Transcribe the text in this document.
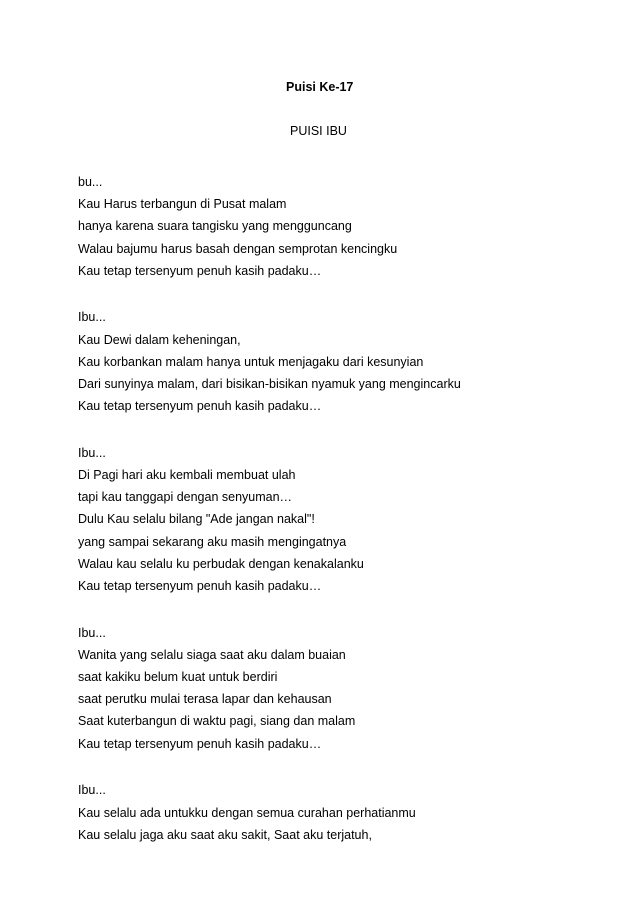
Puisi Ke-17
PUISI IBU
bu...
Kau Harus terbangun di Pusat malam
hanya karena suara tangisku yang mengguncang
Walau bajumu harus basah dengan semprotan kencingku
Kau tetap tersenyum penuh kasih padaku…
Ibu...
Kau Dewi dalam keheningan,
Kau korbankan malam hanya untuk menjagaku dari kesunyian
Dari sunyinya malam, dari bisikan-bisikan nyamuk yang mengincarku
Kau tetap tersenyum penuh kasih padaku…
Ibu...
Di Pagi hari aku kembali membuat ulah
tapi kau tanggapi dengan senyuman…
Dulu Kau selalu bilang "Ade jangan nakal"!
yang sampai sekarang aku masih mengingatnya
Walau kau selalu ku perbudak dengan kenakalanku
Kau tetap tersenyum penuh kasih padaku…
Ibu...
Wanita yang selalu siaga saat aku dalam buaian
saat kakiku belum kuat untuk berdiri
saat perutku mulai terasa lapar dan kehausan
Saat kuterbangun di waktu pagi, siang dan malam
Kau tetap tersenyum penuh kasih padaku…
Ibu...
Kau selalu ada untukku dengan semua curahan perhatianmu
Kau selalu jaga aku saat aku sakit, Saat aku terjatuh,
